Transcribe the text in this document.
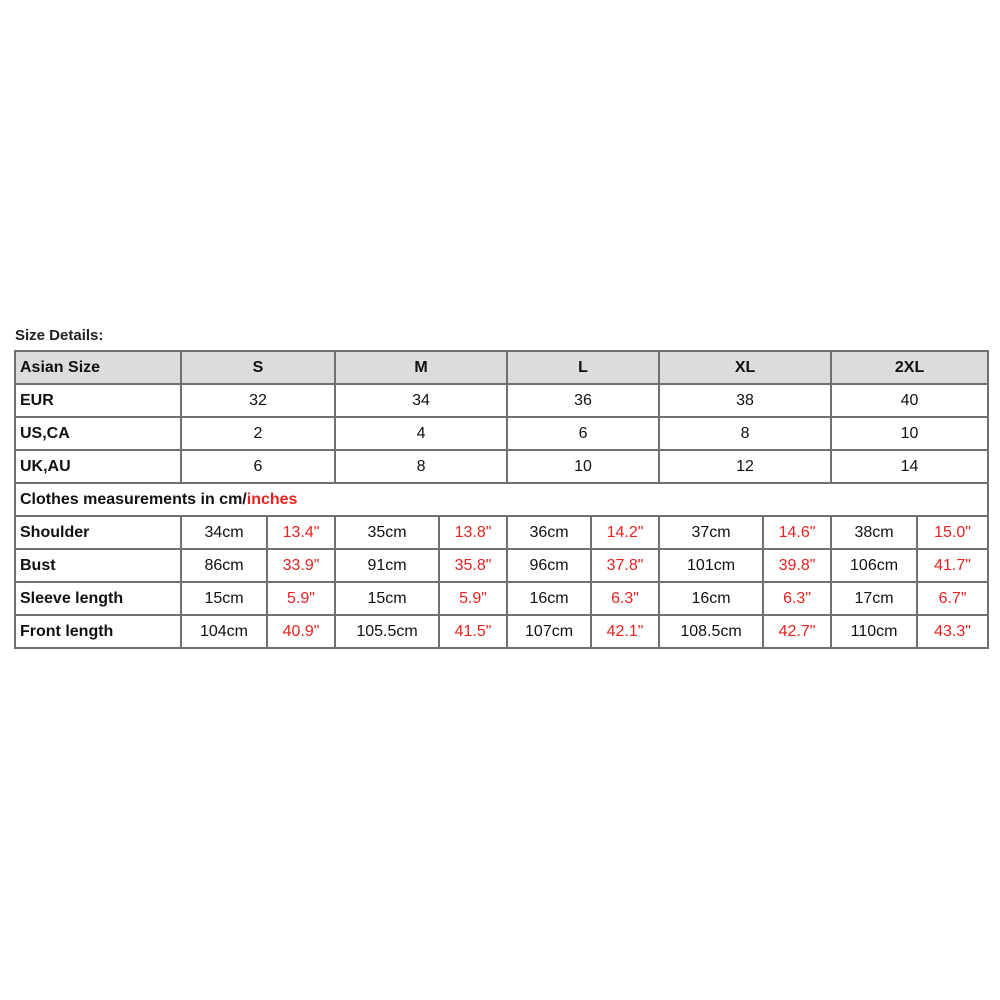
Size Details:
Asian Size	S		M		L		XL		2XL	
EUR	32		34		36		38		40	
US,CA	2		4		6		8		10	
UK,AU	6		8		10		12		14	
Clothes measurements in cm/inches										
Shoulder	34cm	13.4"	35cm	13.8"	36cm	14.2"	37cm	14.6"	38cm	15.0"
Bust	86cm	33.9"	91cm	35.8"	96cm	37.8"	101cm	39.8"	106cm	41.7"
Sleeve length	15cm	5.9"	15cm	5.9"	16cm	6.3"	16cm	6.3"	17cm	6.7"
Front length	104cm	40.9"	105.5cm	41.5"	107cm	42.1"	108.5cm	42.7"	110cm	43.3"
